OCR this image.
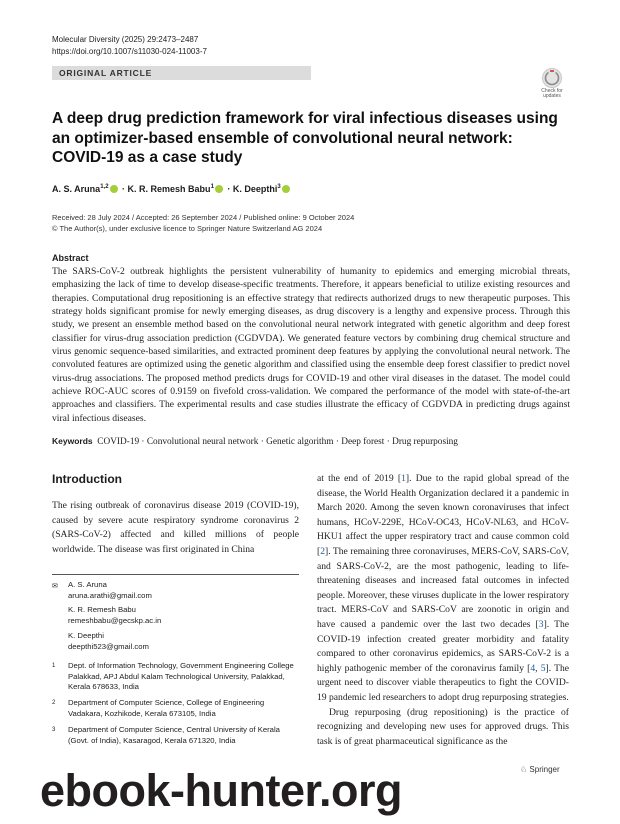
Molecular Diversity (2025) 29:2473–2487
https://doi.org/10.1007/s11030-024-11003-7
ORIGINAL ARTICLE
Check for
updates
A deep drug prediction framework for viral infectious diseases using
an optimizer-based ensemble of convolutional neural network:
COVID-19 as a case study
A. S. Aruna$^{1,2}$ · K. R. Remesh Babu$^1$ · K. Deepthi$^3$
Received: 28 July 2024 / Accepted: 26 September 2024 / Published online: 9 October 2024
© The Author(s), under exclusive licence to Springer Nature Switzerland AG 2024
Abstract
The SARS-CoV-2 outbreak highlights the persistent vulnerability of humanity to epidemics and emerging microbial threats, emphasizing the lack of time to develop disease-specific treatments. Therefore, it appears beneficial to utilize existing resources and therapies. Computational drug repositioning is an effective strategy that redirects authorized drugs to new therapeutic purposes. This strategy holds significant promise for newly emerging diseases, as drug discovery is a lengthy and expensive process. Through this study, we present an ensemble method based on the convolutional neural network integrated with genetic algorithm and deep forest classifier for virus-drug association prediction (CGDVDA). We generated feature vectors by combining drug chemical structure and virus genomic sequence-based similarities, and extracted prominent deep features by applying the convolutional neural network. The convoluted features are optimized using the genetic algorithm and classified using the ensemble deep forest classifier to predict novel virus-drug associations. The proposed method predicts drugs for COVID-19 and other viral diseases in the dataset. The model could achieve ROC-AUC scores of 0.9159 on fivefold cross-validation. We compared the performance of the model with state-of-the-art approaches and classifiers. The experimental results and case studies illustrate the efficacy of CGDVDA in predicting drugs against viral infectious diseases.
Keywords COVID-19 · Convolutional neural network · Genetic algorithm · Deep forest · Drug repurposing
Introduction
The rising outbreak of coronavirus disease 2019 (COVID-19), caused by severe acute respiratory syndrome coronavirus 2 (SARS-CoV-2) affected and killed millions of people worldwide. The disease was first originated in China

at the end of 2019 [1]. Due to the rapid global spread of the disease, the World Health Organization declared it a pandemic in March 2020. Among the seven known coronaviruses that infect humans, HCoV-229E, HCoV-OC43, HCoV-NL63, and HCoV-HKU1 affect the upper respiratory tract and cause common cold [2]. The remaining three coronaviruses, MERS-CoV, SARS-CoV, and SARS-CoV-2, are the most pathogenic, leading to life-threatening diseases and increased fatal outcomes in infected people. Moreover, these viruses duplicate in the lower respiratory tract. MERS-CoV and SARS-CoV are zoonotic in origin and have caused a pandemic over the last two decades [3]. The COVID-19 infection created greater morbidity and fatality compared to other coronavirus epidemics, as SARS-CoV-2 is a highly pathogenic member of the coronavirus family [4, 5]. The urgent need to discover viable therapeutics to fight the COVID-19 pandemic led researchers to adopt drug repurposing strategies.

Drug repurposing (drug repositioning) is the practice of recognizing and developing new uses for approved drugs. This task is of great pharmaceutical significance as the

✉ A. S. Aruna
aruna.arathi@gmail.com
K. R. Remesh Babu
remeshbabu@gecskp.ac.in
K. Deepthi
deepthi523@gmail.com
1 Dept. of Information Technology, Government Engineering College Palakkad, APJ Abdul Kalam Technological University, Palakkad, Kerala 678633, India
2 Department of Computer Science, College of Engineering Vadakara, Kozhikode, Kerala 673105, India
3 Department of Computer Science, Central University of Kerala (Govt. of India), Kasaragod, Kerala 671320, India
♘ Springer
ebook-hunter.org
